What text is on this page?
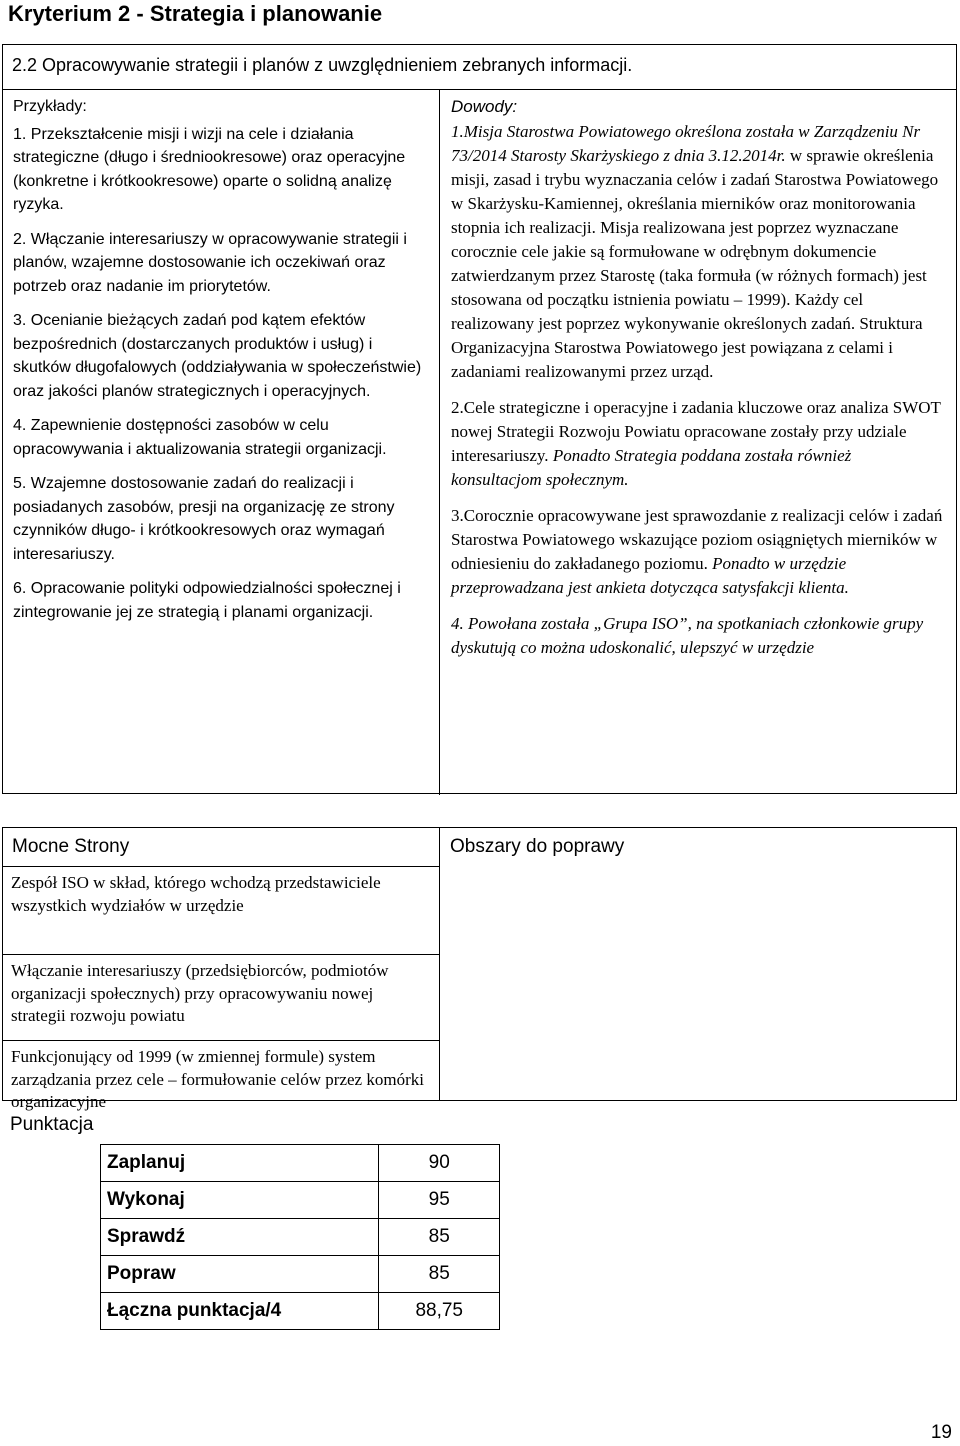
Kryterium 2 - Strategia i planowanie
2.2 Opracowywanie strategii i planów z uwzględnieniem zebranych informacji.

Przykłady:

1. Przekształcenie misji i wizji na cele i działania strategiczne (długo i średniookresowe) oraz operacyjne (konkretne i krótkookresowe) oparte o solidną analizę ryzyka.

2. Włączanie interesariuszy w opracowywanie strategii i planów, wzajemne dostosowanie ich oczekiwań oraz potrzeb oraz nadanie im priorytetów.

3. Ocenianie bieżących zadań pod kątem efektów bezpośrednich (dostarczanych produktów i usług) i skutków długofalowych (oddziaływania w społeczeństwie) oraz jakości planów strategicznych i operacyjnych.

4. Zapewnienie dostępności zasobów w celu opracowywania i aktualizowania strategii organizacji.

5. Wzajemne dostosowanie zadań do realizacji i posiadanych zasobów, presji na organizację ze strony czynników długo- i krótkookresowych oraz wymagań interesariuszy.

6. Opracowanie polityki odpowiedzialności społecznej i zintegrowanie jej ze strategią i planami organizacji.

Dowody:

1.Misja Starostwa Powiatowego określona została w Zarządzeniu Nr 73/2014 Starosty Skarżyskiego z dnia 3.12.2014r. w sprawie określenia misji, zasad i trybu wyznaczania celów i zadań Starostwa Powiatowego w Skarżysku-Kamiennej, określania mierników oraz monitorowania stopnia ich realizacji. Misja realizowana jest poprzez wyznaczane corocznie cele jakie są formułowane w odrębnym dokumencie zatwierdzanym przez Starostę (taka formuła (w różnych formach) jest stosowana od początku istnienia powiatu – 1999). Każdy cel realizowany jest poprzez wykonywanie określonych zadań. Struktura Organizacyjna Starostwa Powiatowego jest powiązana z celami i zadaniami realizowanymi przez urząd.

2.Cele strategiczne i operacyjne i zadania kluczowe oraz analiza SWOT nowej Strategii Rozwoju Powiatu opracowane zostały przy udziale interesariuszy. Ponadto Strategia poddana została również konsultacjom społecznym.

3.Corocznie opracowywane jest sprawozdanie z realizacji celów i zadań Starostwa Powiatowego wskazujące poziom osiągniętych mierników w odniesieniu do zakładanego poziomu. Ponadto w urzędzie przeprowadzana jest ankieta dotycząca satysfakcji klienta.

4. Powołana została „Grupa ISO”, na spotkaniach członkowie grupy dyskutują co można udoskonalić, ulepszyć w urzędzie

Mocne Strony	Obszary do poprawy
Zespół ISO w skład, którego wchodzą przedstawiciele wszystkich wydziałów w urzędzie
Włączanie interesariuszy (przedsiębiorców, podmiotów organizacji społecznych) przy opracowywaniu nowej strategii rozwoju powiatu
Funkcjonujący od 1999 (w zmiennej formule) system zarządzania przez cele – formułowanie celów przez komórki organizacyjne
Punktacja
Zaplanuj	90
Wykonaj	95
Sprawdź	85
Popraw	85
Łączna punktacja/4	88,75
19
